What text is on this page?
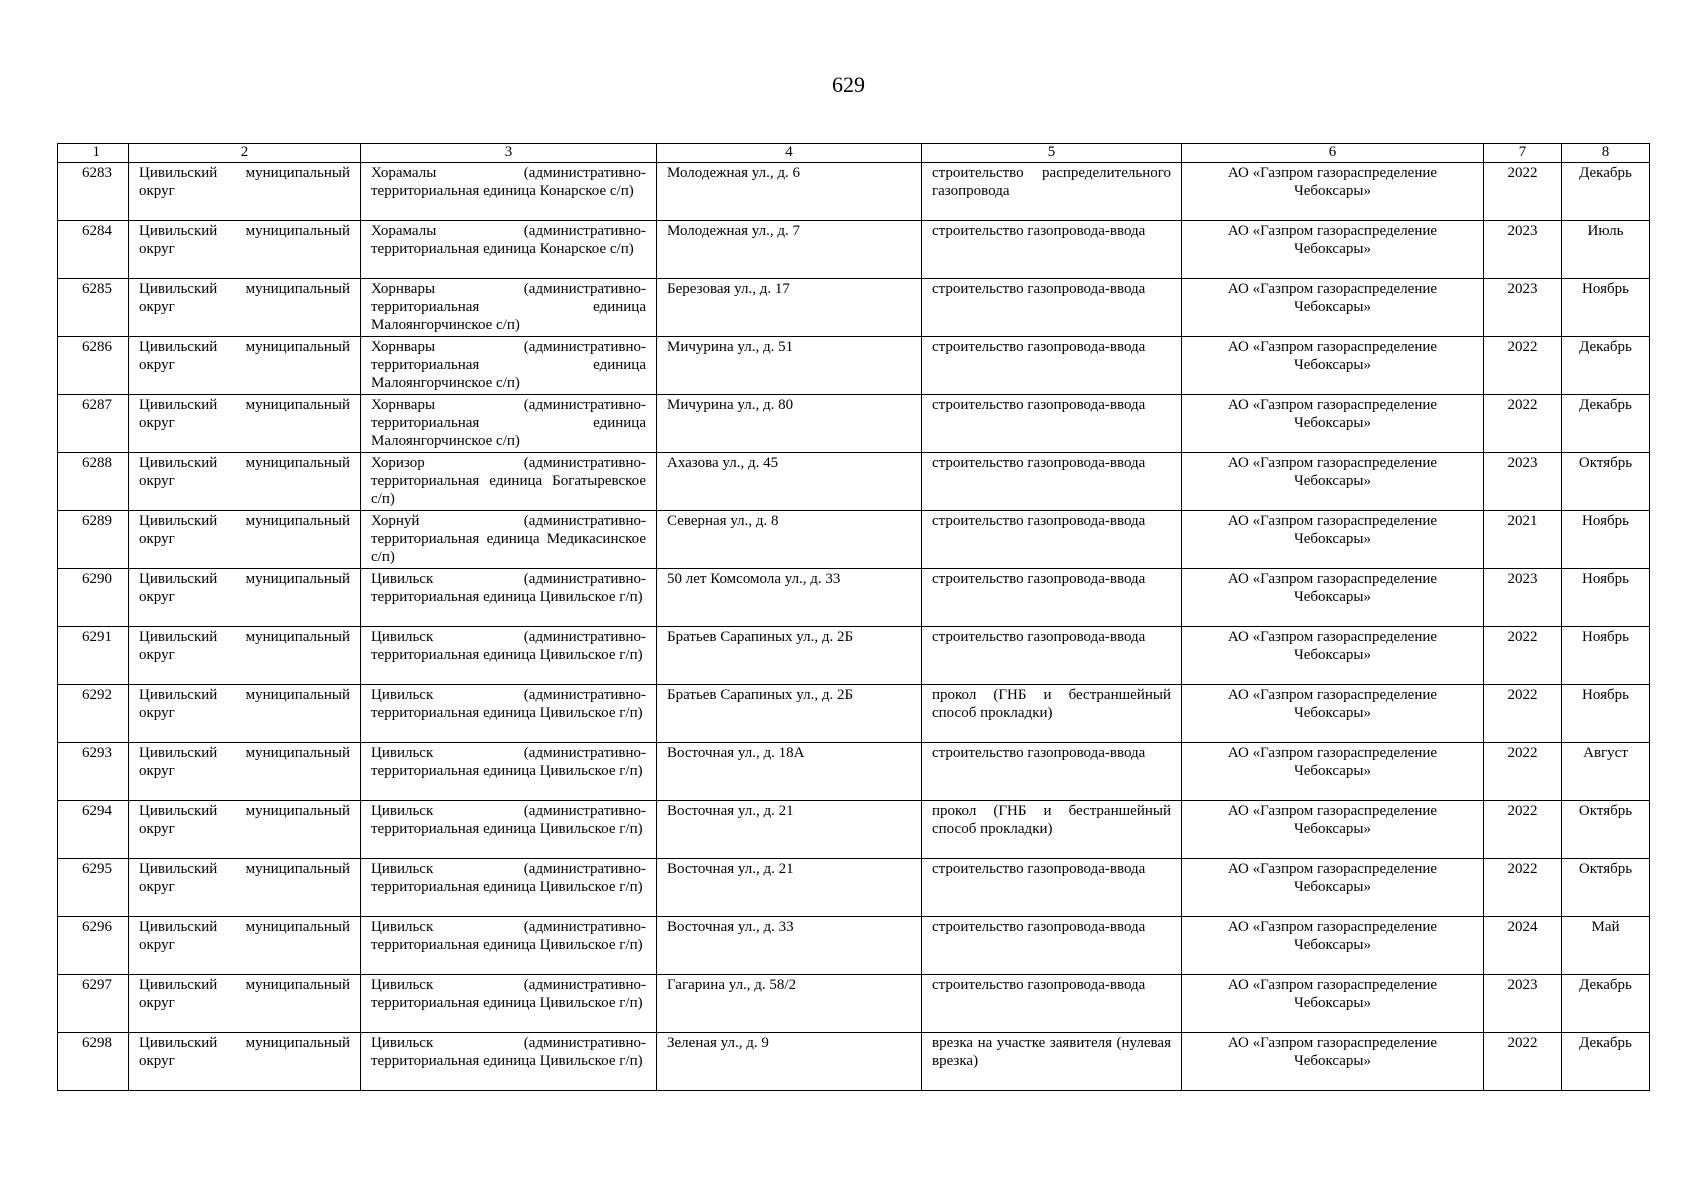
629
1	2	3	4	5	6	7	8
6283	Цивильский муниципальный округ	Хорамалы (административно-территориальная единица Конарское с/п)	Молодежная ул., д. 6	строительство распределительного газопровода	АО «Газпром газораспределение Чебоксары»	2022	Декабрь
6284	Цивильский муниципальный округ	Хорамалы (административно-территориальная единица Конарское с/п)	Молодежная ул., д. 7	строительство газопровода-ввода	АО «Газпром газораспределение Чебоксары»	2023	Июль
6285	Цивильский муниципальный округ	Хорнвары (административно-территориальная единица Малоянгорчинское с/п)	Березовая ул., д. 17	строительство газопровода-ввода	АО «Газпром газораспределение Чебоксары»	2023	Ноябрь
6286	Цивильский муниципальный округ	Хорнвары (административно-территориальная единица Малоянгорчинское с/п)	Мичурина ул., д. 51	строительство газопровода-ввода	АО «Газпром газораспределение Чебоксары»	2022	Декабрь
6287	Цивильский муниципальный округ	Хорнвары (административно-территориальная единица Малоянгорчинское с/п)	Мичурина ул., д. 80	строительство газопровода-ввода	АО «Газпром газораспределение Чебоксары»	2022	Декабрь
6288	Цивильский муниципальный округ	Хоризор (административно-территориальная единица Богатыревское с/п)	Ахазова ул., д. 45	строительство газопровода-ввода	АО «Газпром газораспределение Чебоксары»	2023	Октябрь
6289	Цивильский муниципальный округ	Хорнуй (административно-территориальная единица Медикасинское с/п)	Северная ул., д. 8	строительство газопровода-ввода	АО «Газпром газораспределение Чебоксары»	2021	Ноябрь
6290	Цивильский муниципальный округ	Цивильск (административно-территориальная единица Цивильское г/п)	50 лет Комсомола ул., д. 33	строительство газопровода-ввода	АО «Газпром газораспределение Чебоксары»	2023	Ноябрь
6291	Цивильский муниципальный округ	Цивильск (административно-территориальная единица Цивильское г/п)	Братьев Сарапиных ул., д. 2Б	строительство газопровода-ввода	АО «Газпром газораспределение Чебоксары»	2022	Ноябрь
6292	Цивильский муниципальный округ	Цивильск (административно-территориальная единица Цивильское г/п)	Братьев Сарапиных ул., д. 2Б	прокол (ГНБ и бестраншейный способ прокладки)	АО «Газпром газораспределение Чебоксары»	2022	Ноябрь
6293	Цивильский муниципальный округ	Цивильск (административно-территориальная единица Цивильское г/п)	Восточная ул., д. 18А	строительство газопровода-ввода	АО «Газпром газораспределение Чебоксары»	2022	Август
6294	Цивильский муниципальный округ	Цивильск (административно-территориальная единица Цивильское г/п)	Восточная ул., д. 21	прокол (ГНБ и бестраншейный способ прокладки)	АО «Газпром газораспределение Чебоксары»	2022	Октябрь
6295	Цивильский муниципальный округ	Цивильск (административно-территориальная единица Цивильское г/п)	Восточная ул., д. 21	строительство газопровода-ввода	АО «Газпром газораспределение Чебоксары»	2022	Октябрь
6296	Цивильский муниципальный округ	Цивильск (административно-территориальная единица Цивильское г/п)	Восточная ул., д. 33	строительство газопровода-ввода	АО «Газпром газораспределение Чебоксары»	2024	Май
6297	Цивильский муниципальный округ	Цивильск (административно-территориальная единица Цивильское г/п)	Гагарина ул., д. 58/2	строительство газопровода-ввода	АО «Газпром газораспределение Чебоксары»	2023	Декабрь
6298	Цивильский муниципальный округ	Цивильск (административно-территориальная единица Цивильское г/п)	Зеленая ул., д. 9	врезка на участке заявителя (нулевая врезка)	АО «Газпром газораспределение Чебоксары»	2022	Декабрь
